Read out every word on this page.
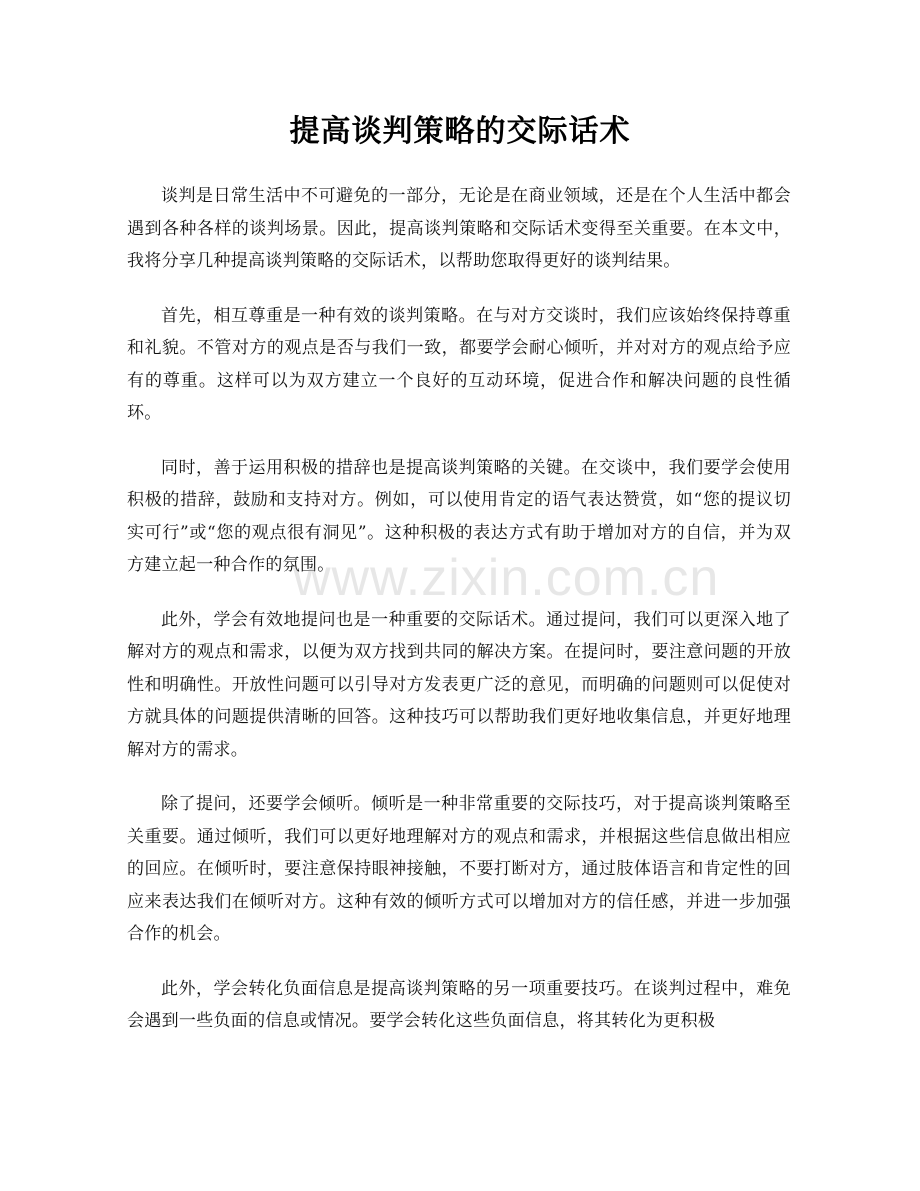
提高谈判策略的交际话术

谈判是日常生活中不可避免的一部分，无论是在商业领域，还是在个人生活中都会遇到各种各样的谈判场景。因此，提高谈判策略和交际话术变得至关重要。在本文中，我将分享几种提高谈判策略的交际话术，以帮助您取得更好的谈判结果。

首先，相互尊重是一种有效的谈判策略。在与对方交谈时，我们应该始终保持尊重和礼貌。不管对方的观点是否与我们一致，都要学会耐心倾听，并对对方的观点给予应有的尊重。这样可以为双方建立一个良好的互动环境，促进合作和解决问题的良性循环。

同时，善于运用积极的措辞也是提高谈判策略的关键。在交谈中，我们要学会使用积极的措辞，鼓励和支持对方。例如，可以使用肯定的语气表达赞赏，如“您的提议切实可行”或“您的观点很有洞见”。这种积极的表达方式有助于增加对方的自信，并为双方建立起一种合作的氛围。

此外，学会有效地提问也是一种重要的交际话术。通过提问，我们可以更深入地了解对方的观点和需求，以便为双方找到共同的解决方案。在提问时，要注意问题的开放性和明确性。开放性问题可以引导对方发表更广泛的意见，而明确的问题则可以促使对方就具体的问题提供清晰的回答。这种技巧可以帮助我们更好地收集信息，并更好地理解对方的需求。

除了提问，还要学会倾听。倾听是一种非常重要的交际技巧，对于提高谈判策略至关重要。通过倾听，我们可以更好地理解对方的观点和需求，并根据这些信息做出相应的回应。在倾听时，要注意保持眼神接触，不要打断对方，通过肢体语言和肯定性的回应来表达我们在倾听对方。这种有效的倾听方式可以增加对方的信任感，并进一步加强合作的机会。

此外，学会转化负面信息是提高谈判策略的另一项重要技巧。在谈判过程中，难免会遇到一些负面的信息或情况。要学会转化这些负面信息，将其转化为更积极

www.zixin.com.cn
